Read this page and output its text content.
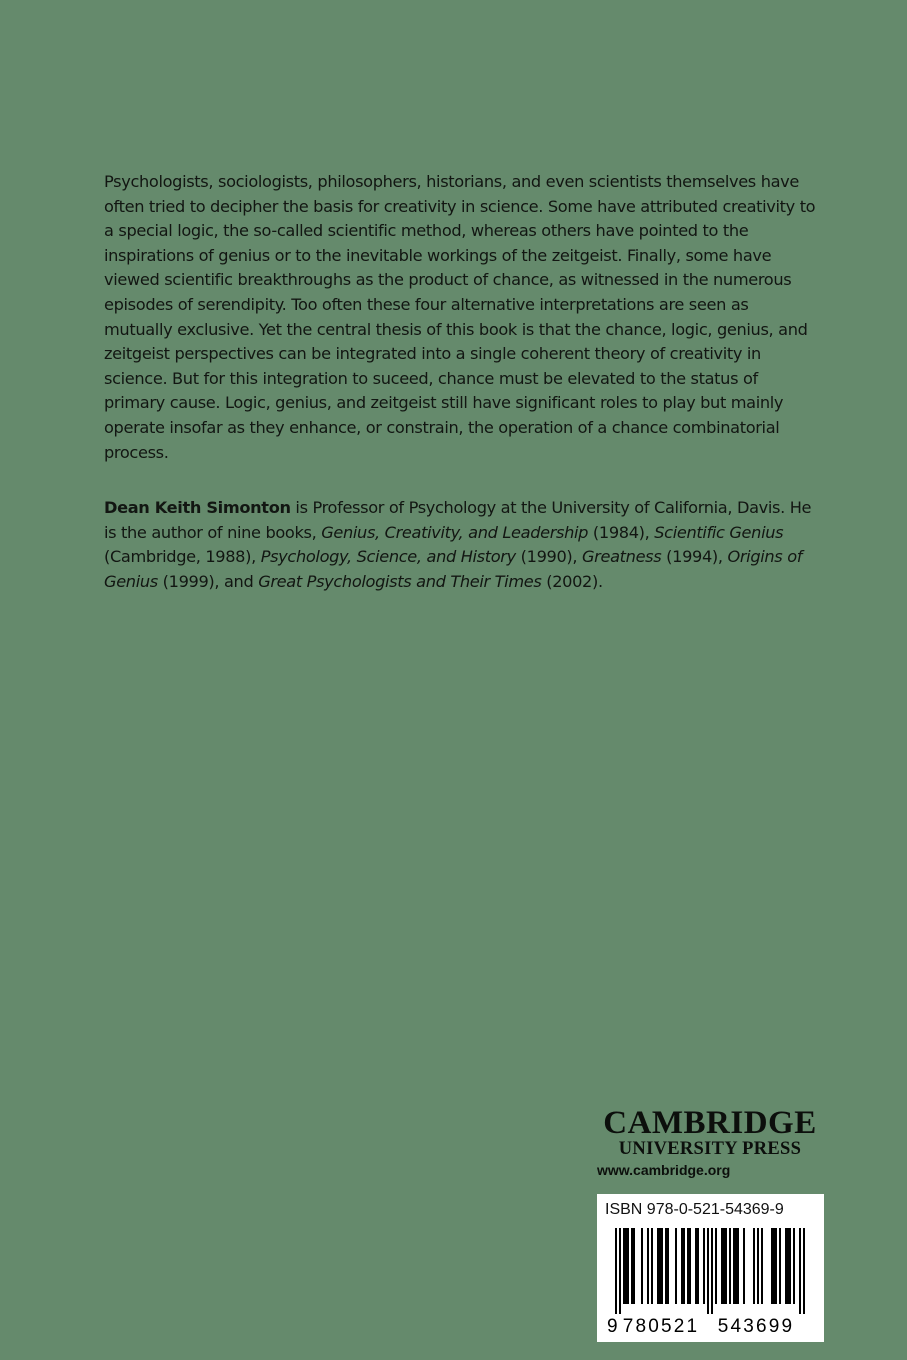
Psychologists, sociologists, philosophers, historians, and even scientists themselves have often tried to decipher the basis for creativity in science. Some have attributed creativity to a special logic, the so-called scientific method, whereas others have pointed to the inspirations of genius or to the inevitable workings of the zeitgeist. Finally, some have viewed scientific breakthroughs as the product of chance, as witnessed in the numerous episodes of serendipity. Too often these four alternative interpretations are seen as mutually exclusive. Yet the central thesis of this book is that the chance, logic, genius, and zeitgeist perspectives can be integrated into a single coherent theory of creativity in science. But for this integration to suceed, chance must be elevated to the status of primary cause. Logic, genius, and zeitgeist still have significant roles to play but mainly operate insofar as they enhance, or constrain, the operation of a chance combinatorial process.

Dean Keith Simonton is Professor of Psychology at the University of California, Davis. He is the author of nine books, Genius, Creativity, and Leadership (1984), Scientific Genius (Cambridge, 1988), Psychology, Science, and History (1990), Greatness (1994), Origins of Genius (1999), and Great Psychologists and Their Times (2002).

CAMBRIDGE
UNIVERSITY PRESS
www.cambridge.org
ISBN 978-0-521-54369-9
9 780521 543699
